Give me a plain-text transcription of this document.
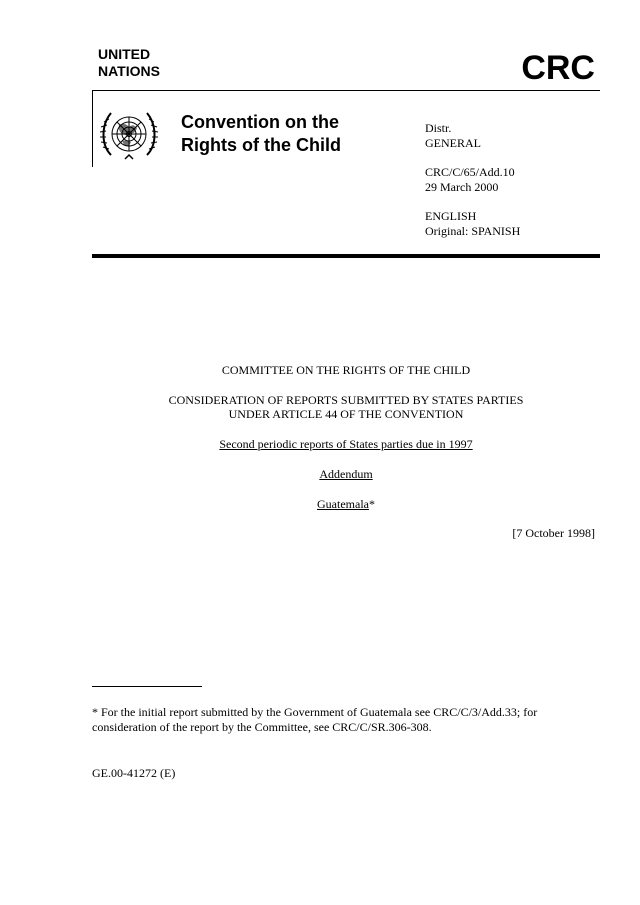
UNITED
NATIONS	CRC
Convention on the
Rights of the Child
Distr.
GENERAL
CRC/C/65/Add.10
29 March 2000
ENGLISH
Original: SPANISH
COMMITTEE ON THE RIGHTS OF THE CHILD
CONSIDERATION OF REPORTS SUBMITTED BY STATES PARTIES
UNDER ARTICLE 44 OF THE CONVENTION
Second periodic reports of States parties due in 1997
Addendum
Guatemala*
[7 October 1998]
* For the initial report submitted by the Government of Guatemala see CRC/C/3/Add.33; for
consideration of the report by the Committee, see CRC/C/SR.306-308.
GE.00-41272 (E)
